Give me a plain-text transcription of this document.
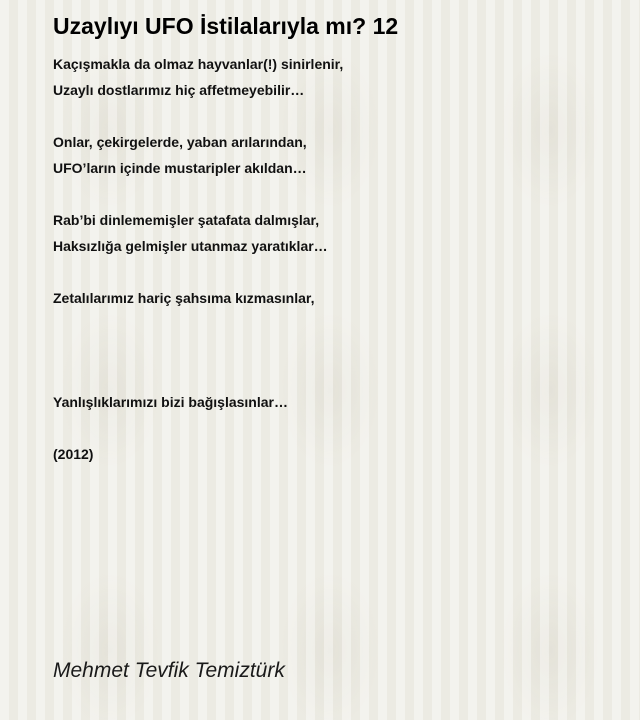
Uzaylıyı UFO İstilalarıyla mı? 12
Kaçışmakla da olmaz hayvanlar(!) sinirlenir,
Uzaylı dostlarımız hiç affetmeyebilir…
Onlar, çekirgelerde, yaban arılarından,
UFO’ların içinde mustaripler akıldan…
Rab’bi dinlememişler şatafata dalmışlar,
Haksızlığa gelmişler utanmaz yaratıklar…
Zetalılarımız hariç şahsıma kızmasınlar,
Yanlışlıklarımızı bizi bağışlasınlar…
(2012)

Mehmet Tevfik Temiztürk
